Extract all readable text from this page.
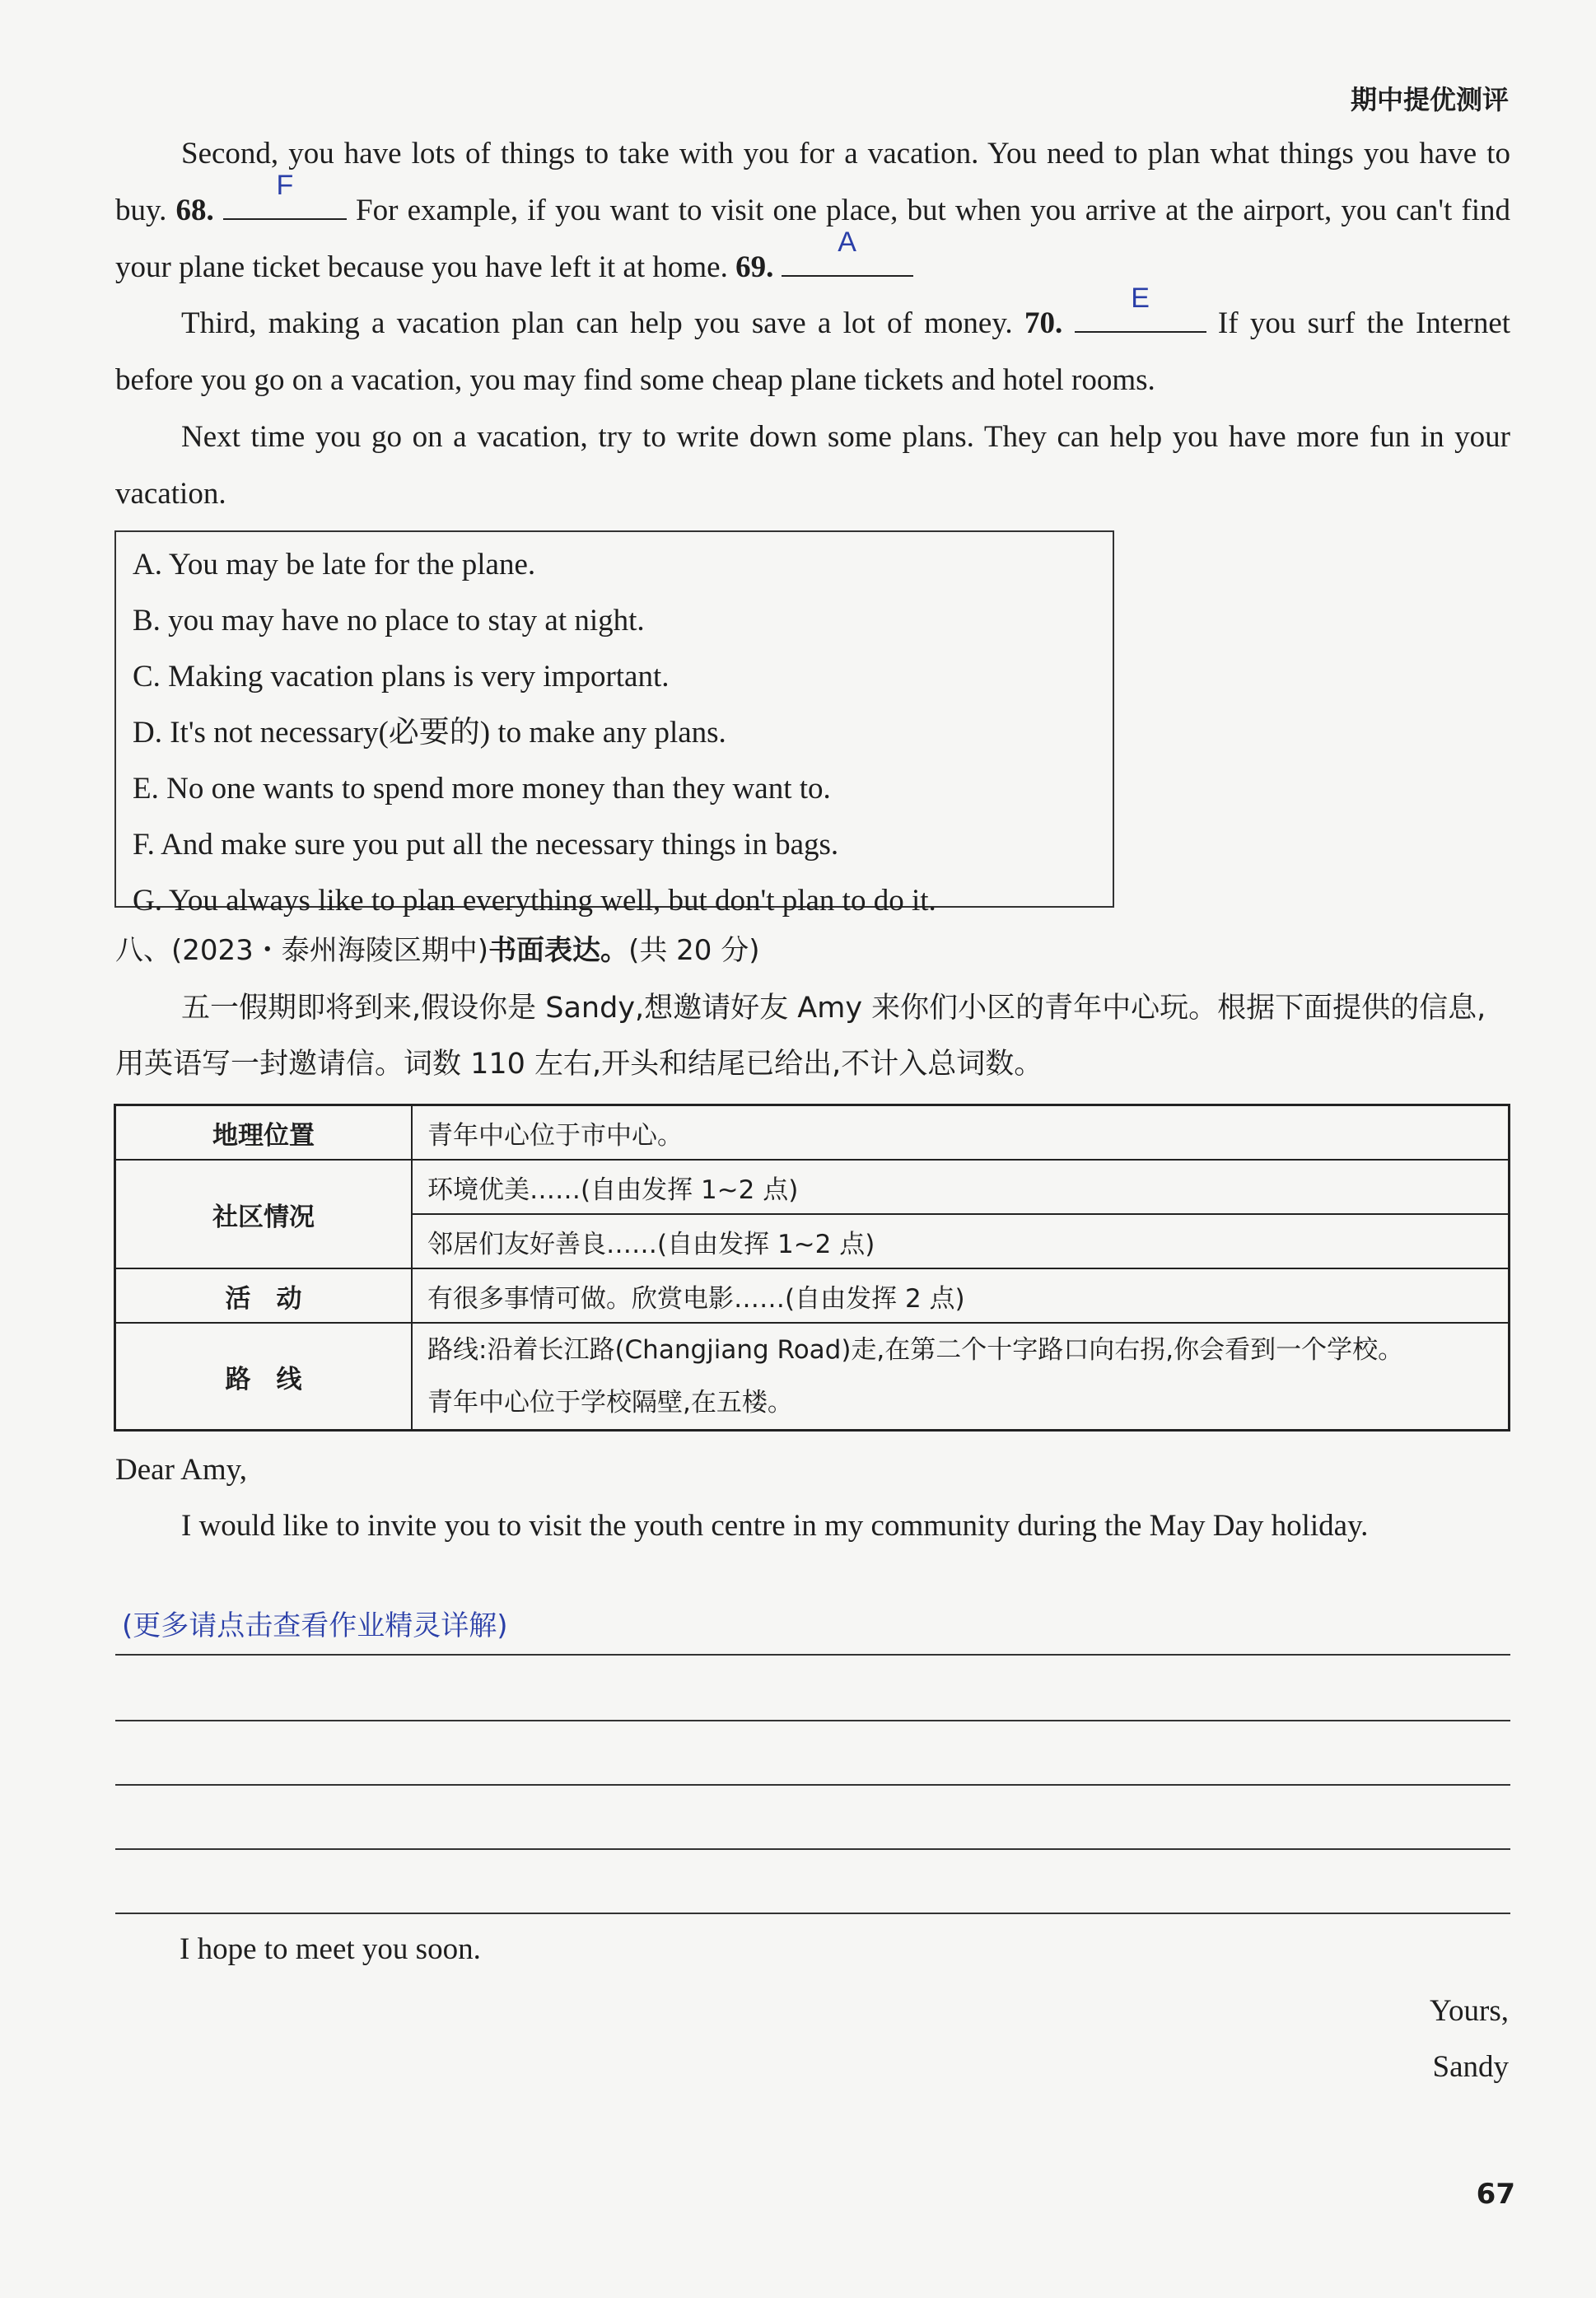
期中提优测评
Second, you have lots of things to take with you for a vacation. You need to plan what things you have to buy. 68.
F
For example, if you want to visit one place, but when you arrive at the airport, you can't find your plane ticket because you have left it at home. 69.
A
Third, making a vacation plan can help you save a lot of money. 70.
E
If you surf the Internet before you go on a vacation, you may find some cheap plane tickets and hotel rooms.
Next time you go on a vacation, try to write down some plans. They can help you have more fun in your vacation.
A. You may be late for the plane.
B. you may have no place to stay at night.
C. Making vacation plans is very important.
D. It's not necessary(必要的) to make any plans.
E. No one wants to spend more money than they want to.
F. And make sure you put all the necessary things in bags.
G. You always like to plan everything well, but don't plan to do it.
八、(2023・泰州海陵区期中)书面表达。(共 20 分)
五一假期即将到来,假设你是 Sandy,想邀请好友 Amy 来你们小区的青年中心玩。根据下面提供的信息,用英语写一封邀请信。词数 110 左右,开头和结尾已给出,不计入总词数。
地理位置	青年中心位于市中心。
社区情况	环境优美……(自由发挥 1~2 点)
	邻居们友好善良……(自由发挥 1~2 点)
活　动	有很多事情可做。欣赏电影……(自由发挥 2 点)
路　线	路线:沿着长江路(Changjiang Road)走,在第二个十字路口向右拐,你会看到一个学校。
青年中心位于学校隔壁,在五楼。
Dear Amy,
I would like to invite you to visit the youth centre in my community during the May Day holiday.
(更多请点击查看作业精灵详解)
I hope to meet you soon.
Yours,
Sandy
67
